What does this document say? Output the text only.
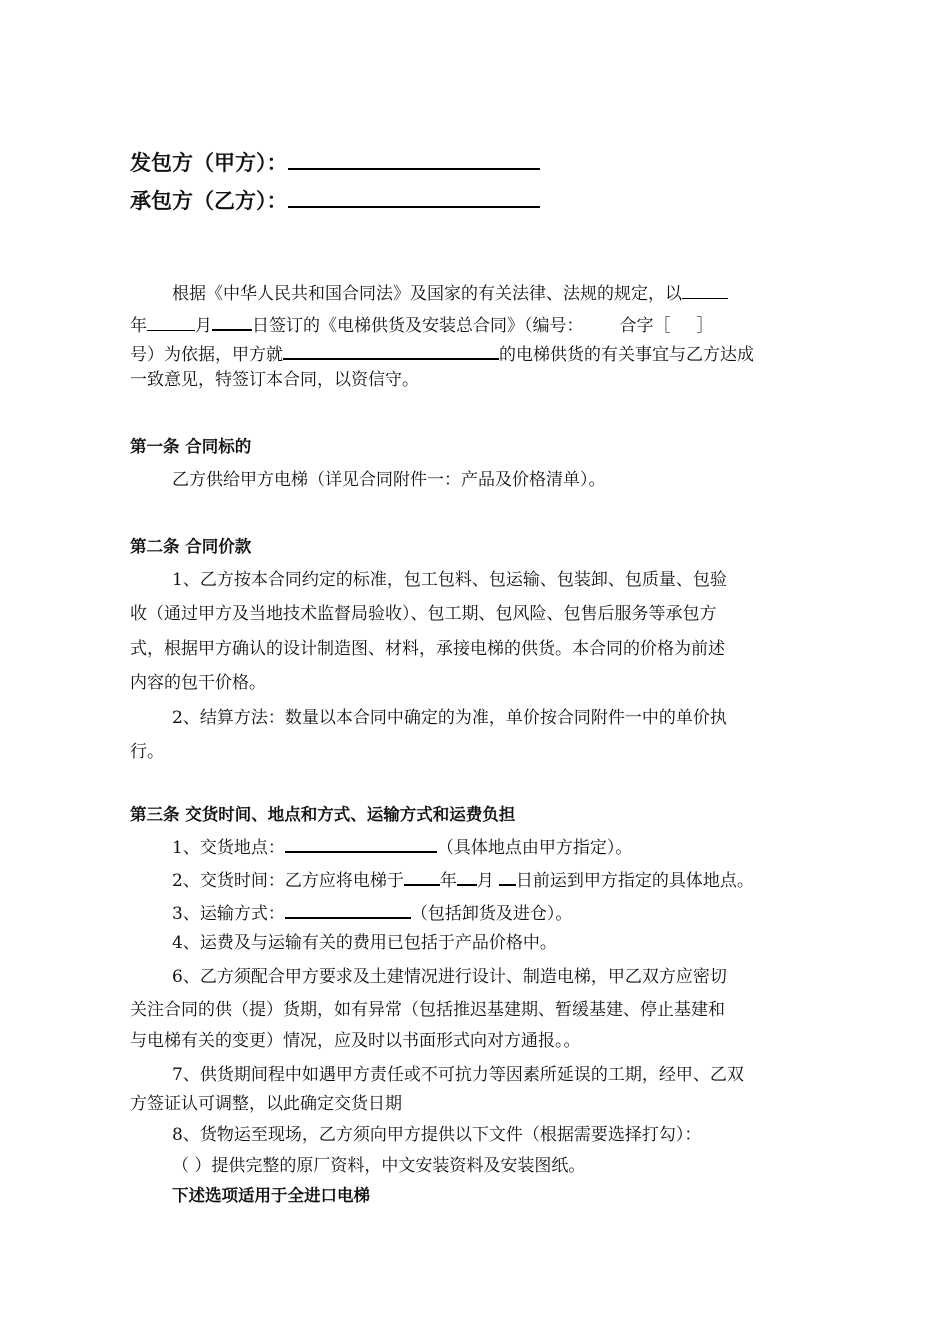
发包方（甲方）：
承包方（乙方）：
根据《中华人民共和国合同法》及国家的有关法律、法规的规定，以
年	月 日签订的《电梯供货及安装总合同》（编号： 合字［ ］
号）为依据，甲方就	的电梯供货的有关事宜与乙方达成
一致意见，特签订本合同，以资信守。
第一条 合同标的
乙方供给甲方电梯（详见合同附件一：产品及价格清单）。
第二条 合同价款
1、乙方按本合同约定的标准，包工包料、包运输、包装卸、包质量、包验
收（通过甲方及当地技术监督局验收）、包工期、包风险、包售后服务等承包方
式，根据甲方确认的设计制造图、材料，承接电梯的供货。本合同的价格为前述
内容的包干价格。
2、结算方法：数量以本合同中确定的为准，单价按合同附件一中的单价执
行。
第三条 交货时间、地点和方式、运输方式和运费负担
1、交货地点：	（具体地点由甲方指定）。
2、交货时间：乙方应将电梯于 年 月 日前运到甲方指定的具体地点。
3、运输方式：	（包括卸货及进仓）。
4、运费及与运输有关的费用已包括于产品价格中。
6、乙方须配合甲方要求及土建情况进行设计、制造电梯，甲乙双方应密切
关注合同的供（提）货期，如有异常（包括推迟基建期、暂缓基建、停止基建和
与电梯有关的变更）情况，应及时以书面形式向对方通报。。
7、供货期间程中如遇甲方责任或不可抗力等因素所延误的工期，经甲、乙双
方签证认可调整，以此确定交货日期
8、货物运至现场，乙方须向甲方提供以下文件（根据需要选择打勾）：
（ ）提供完整的原厂资料，中文安装资料及安装图纸。
下述选项适用于全进口电梯
